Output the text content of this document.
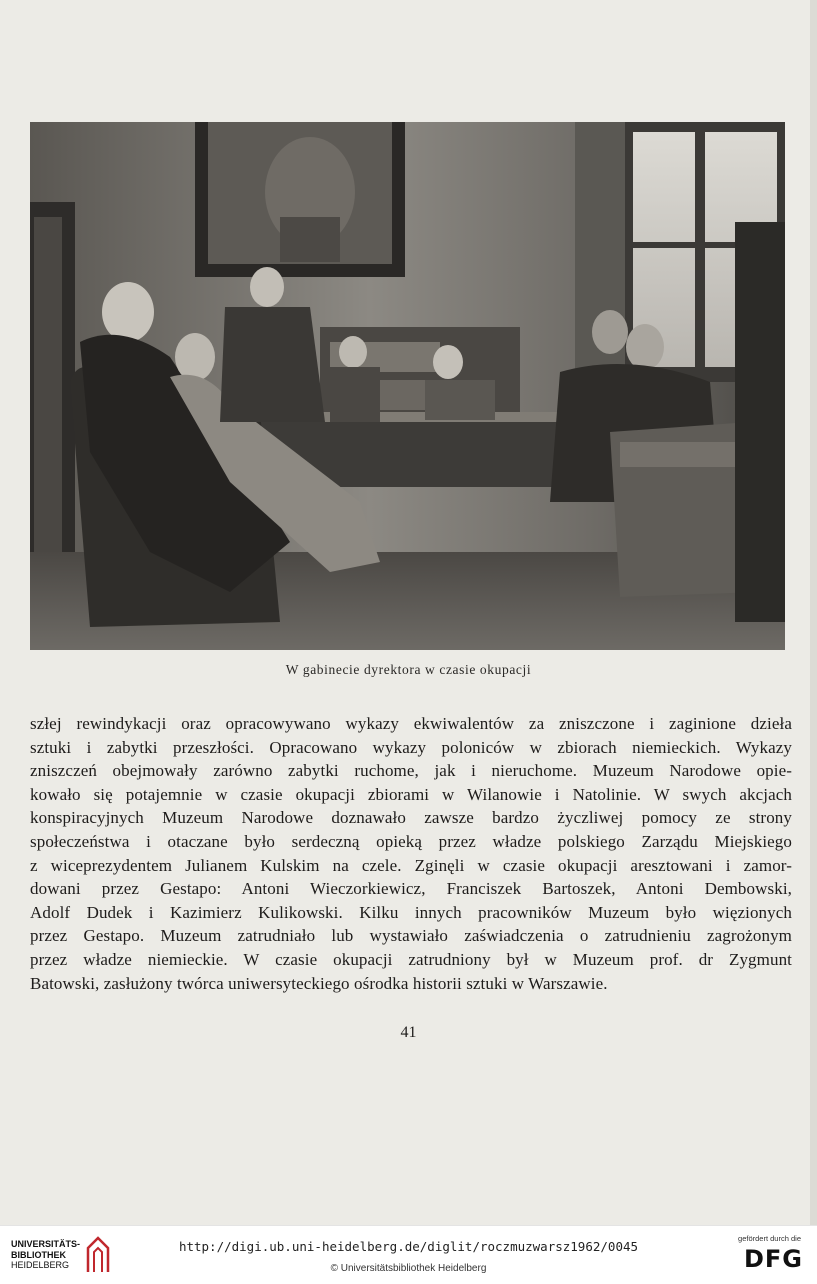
W gabinecie dyrektora w czasie okupacji
szłej rewindykacji oraz opracowywano wykazy ekwiwalentów za zniszczone i zaginione dzieła
sztuki i zabytki przeszłości. Opracowano wykazy poloniców w zbiorach niemieckich. Wykazy
zniszczeń obejmowały zarówno zabytki ruchome, jak i nieruchome. Muzeum Narodowe opie-
kowało się potajemnie w czasie okupacji zbiorami w Wilanowie i Natolinie. W swych akcjach
konspiracyjnych Muzeum Narodowe doznawało zawsze bardzo życzliwej pomocy ze strony
społeczeństwa i otaczane było serdeczną opieką przez władze polskiego Zarządu Miejskiego
z wiceprezydentem Julianem Kulskim na czele. Zginęli w czasie okupacji aresztowani i zamor-
dowani przez Gestapo: Antoni Wieczorkiewicz, Franciszek Bartoszek, Antoni Dembowski,
Adolf Dudek i Kazimierz Kulikowski. Kilku innych pracowników Muzeum było więzionych
przez Gestapo. Muzeum zatrudniało lub wystawiało zaświadczenia o zatrudnieniu zagrożonym
przez władze niemieckie. W czasie okupacji zatrudniony był w Muzeum prof. dr Zygmunt
Batowski, zasłużony twórca uniwersyteckiego ośrodka historii sztuki w Warszawie.
41
UNIVERSITÄTS-
BIBLIOTHEK
HEIDELBERG
http://digi.ub.uni-heidelberg.de/diglit/roczmuzwarsz1962/0045
© Universitätsbibliothek Heidelberg
gefördert durch die
DFG
